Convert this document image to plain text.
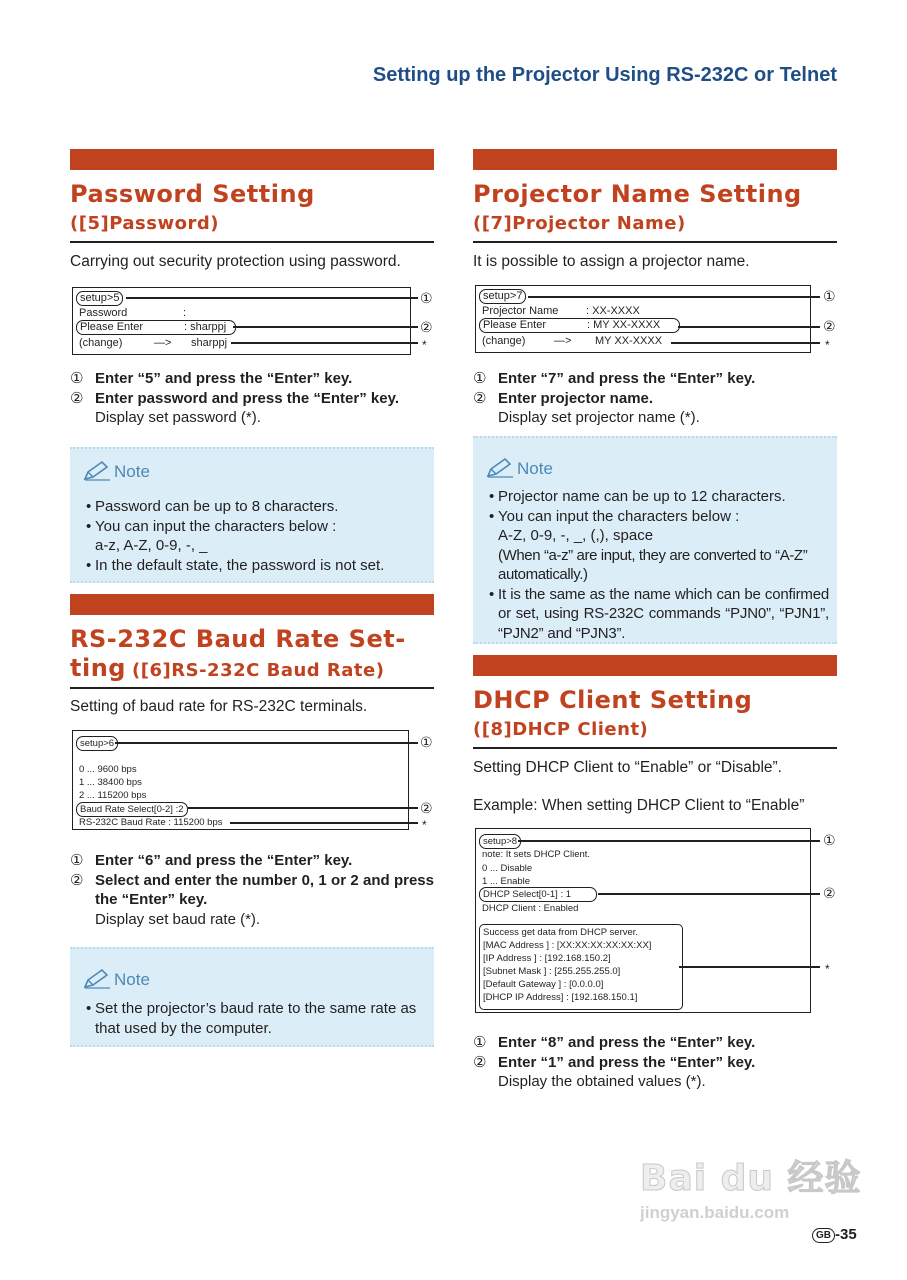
Setting up the Projector Using RS-232C or Telnet
Password Setting
([5]Password)
Carrying out security protection using password.
setup>5
Password	:
Please Enter	: sharppj
(change)	—> sharppj
①
②
*
① Enter “5” and press the “Enter” key.
② Enter password and press the “Enter” key.
Display set password (*).
Note
• Password can be up to 8 characters.
• You can input the characters below :
a-z, A-Z, 0-9, -, _
• In the default state, the password is not set.
RS-232C Baud Rate Set-
ting ([6]RS-232C Baud Rate)
Setting of baud rate for RS-232C terminals.
setup>6
0 ... 9600 bps
1 ... 38400 bps
2 ... 115200 bps
Baud Rate Select[0-2] :2
RS-232C Baud Rate : 115200 bps
①
②
*
① Enter “6” and press the “Enter” key.
② Select and enter the number 0, 1 or 2 and press the “Enter” key.
Display set baud rate (*).
Note
• Set the projector’s baud rate to the same rate as that used by the computer.
Projector Name Setting
([7]Projector Name)
It is possible to assign a projector name.
setup>7
Projector Name	: XX-XXXX
Please Enter	: MY XX-XXXX
(change)	—> MY XX-XXXX
①
②
*
① Enter “7” and press the “Enter” key.
② Enter projector name.
Display set projector name (*).
Note
• Projector name can be up to 12 characters.
• You can input the characters below :
A-Z, 0-9, -, _, (,), space
(When “a-z” are input, they are converted to “A-Z” automatically.)
• It is the same as the name which can be confirmed or set, using RS-232C commands “PJN0”, “PJN1”, “PJN2” and “PJN3”.
DHCP Client Setting
([8]DHCP Client)
Setting DHCP Client to “Enable” or “Disable”.
Example: When setting DHCP Client to “Enable”
setup>8
note: It sets DHCP Client.
0 ... Disable
1 ... Enable
DHCP Select[0-1] : 1
DHCP Client : Enabled
Success get data from DHCP server.
[MAC Address ] : [XX:XX:XX:XX:XX:XX]
[IP Address ] : [192.168.150.2]
[Subnet Mask ] : [255.255.255.0]
[Default Gateway ] : [0.0.0.0]
[DHCP IP Address] : [192.168.150.1]
①
②
*
① Enter “8” and press the “Enter” key.
② Enter “1” and press the “Enter” key.
Display the obtained values (*).
Bai du 经验
jingyan.baidu.com
GB -35
